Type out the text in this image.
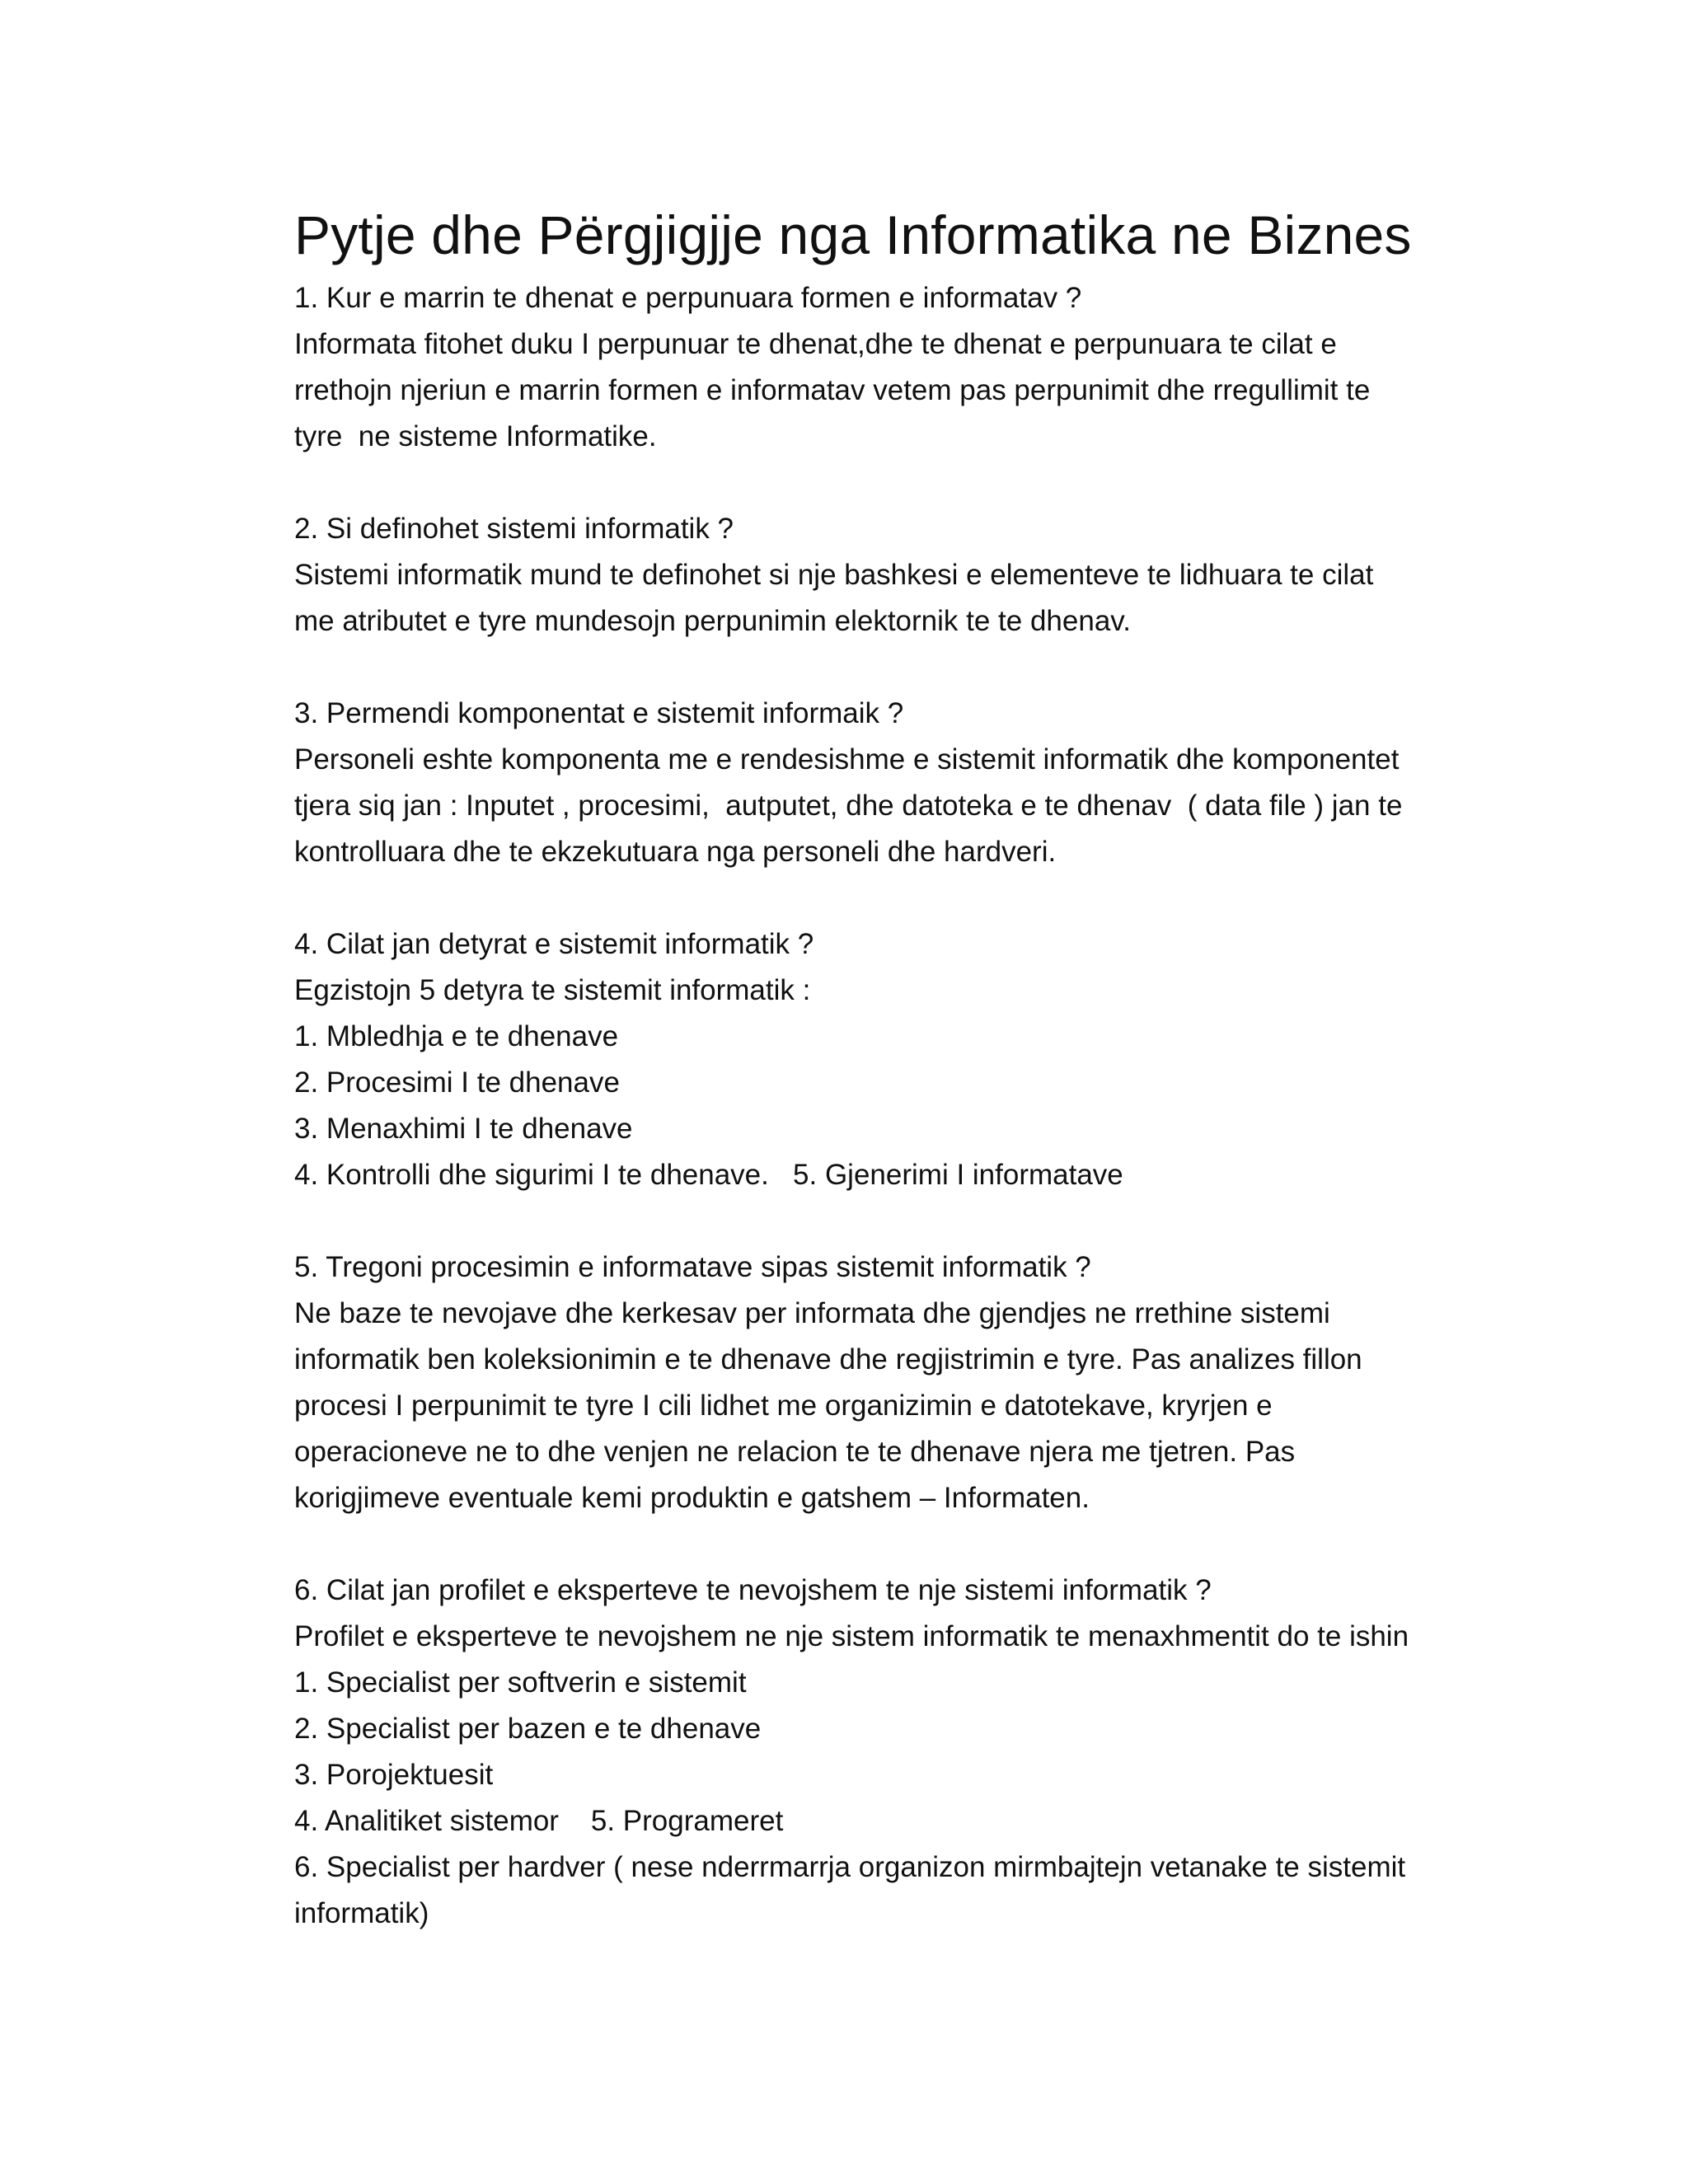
Pytje dhe Përgjigjje nga Informatika ne Biznes

1. Kur e marrin te dhenat e perpunuara formen e informatav ?

Informata fitohet duku I perpunuar te dhenat,dhe te dhenat e perpunuara te cilat e

rrethojn njeriun e marrin formen e informatav vetem pas perpunimit dhe rregullimit te

tyre  ne sisteme Informatike.

2. Si definohet sistemi informatik ?

Sistemi informatik mund te definohet si nje bashkesi e elementeve te lidhuara te cilat

me atributet e tyre mundesojn perpunimin elektornik te te dhenav.

3. Permendi komponentat e sistemit informaik ?

Personeli eshte komponenta me e rendesishme e sistemit informatik dhe komponentet

tjera siq jan : Inputet , procesimi,  autputet, dhe datoteka e te dhenav  ( data file ) jan te

kontrolluara dhe te ekzekutuara nga personeli dhe hardveri.

4. Cilat jan detyrat e sistemit informatik ?

Egzistojn 5 detyra te sistemit informatik :

1. Mbledhja e te dhenave

2. Procesimi I te dhenave

3. Menaxhimi I te dhenave

4. Kontrolli dhe sigurimi I te dhenave.   5. Gjenerimi I informatave

5. Tregoni procesimin e informatave sipas sistemit informatik ?

Ne baze te nevojave dhe kerkesav per informata dhe gjendjes ne rrethine sistemi

informatik ben koleksionimin e te dhenave dhe regjistrimin e tyre. Pas analizes fillon

procesi I perpunimit te tyre I cili lidhet me organizimin e datotekave, kryrjen e

operacioneve ne to dhe venjen ne relacion te te dhenave njera me tjetren. Pas

korigjimeve eventuale kemi produktin e gatshem – Informaten.

6. Cilat jan profilet e eksperteve te nevojshem te nje sistemi informatik ?

Profilet e eksperteve te nevojshem ne nje sistem informatik te menaxhmentit do te ishin

1. Specialist per softverin e sistemit

2. Specialist per bazen e te dhenave

3. Porojektuesit

4. Analitiket sistemor    5. Programeret

6. Specialist per hardver ( nese nderrmarrja organizon mirmbajtejn vetanake te sistemit

informatik)
